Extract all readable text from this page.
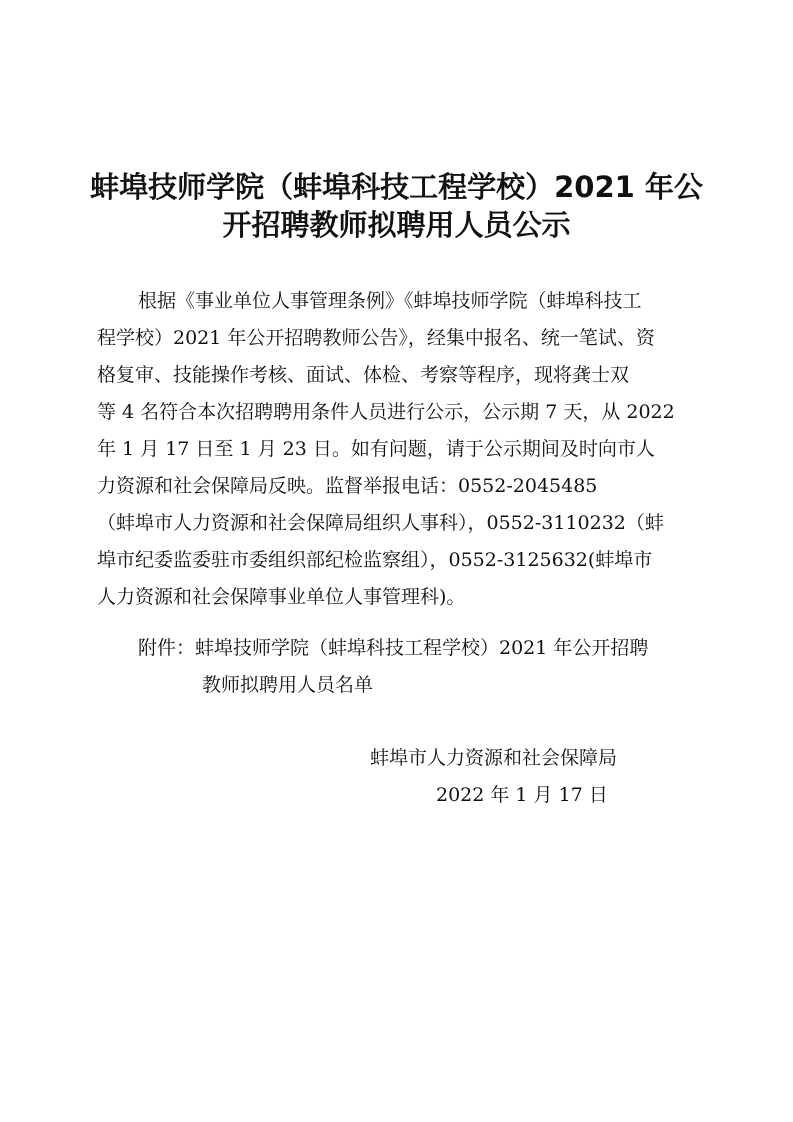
蚌埠技师学院（蚌埠科技工程学校）2021 年公
开招聘教师拟聘用人员公示
根据《事业单位人事管理条例》《蚌埠技师学院（蚌埠科技工
程学校）2021 年公开招聘教师公告》，经集中报名、统一笔试、资
格复审、技能操作考核、面试、体检、考察等程序，现将龚士双
等 4 名符合本次招聘聘用条件人员进行公示，公示期 7 天，从 2022
年 1 月 17 日至 1 月 23 日。如有问题，请于公示期间及时向市人
力资源和社会保障局反映。监督举报电话：0552-2045485
（蚌埠市人力资源和社会保障局组织人事科），0552-3110232（蚌
埠市纪委监委驻市委组织部纪检监察组），0552-3125632(蚌埠市
人力资源和社会保障事业单位人事管理科)。
附件：蚌埠技师学院（蚌埠科技工程学校）2021 年公开招聘
教师拟聘用人员名单
蚌埠市人力资源和社会保障局
2022 年 1 月 17 日
